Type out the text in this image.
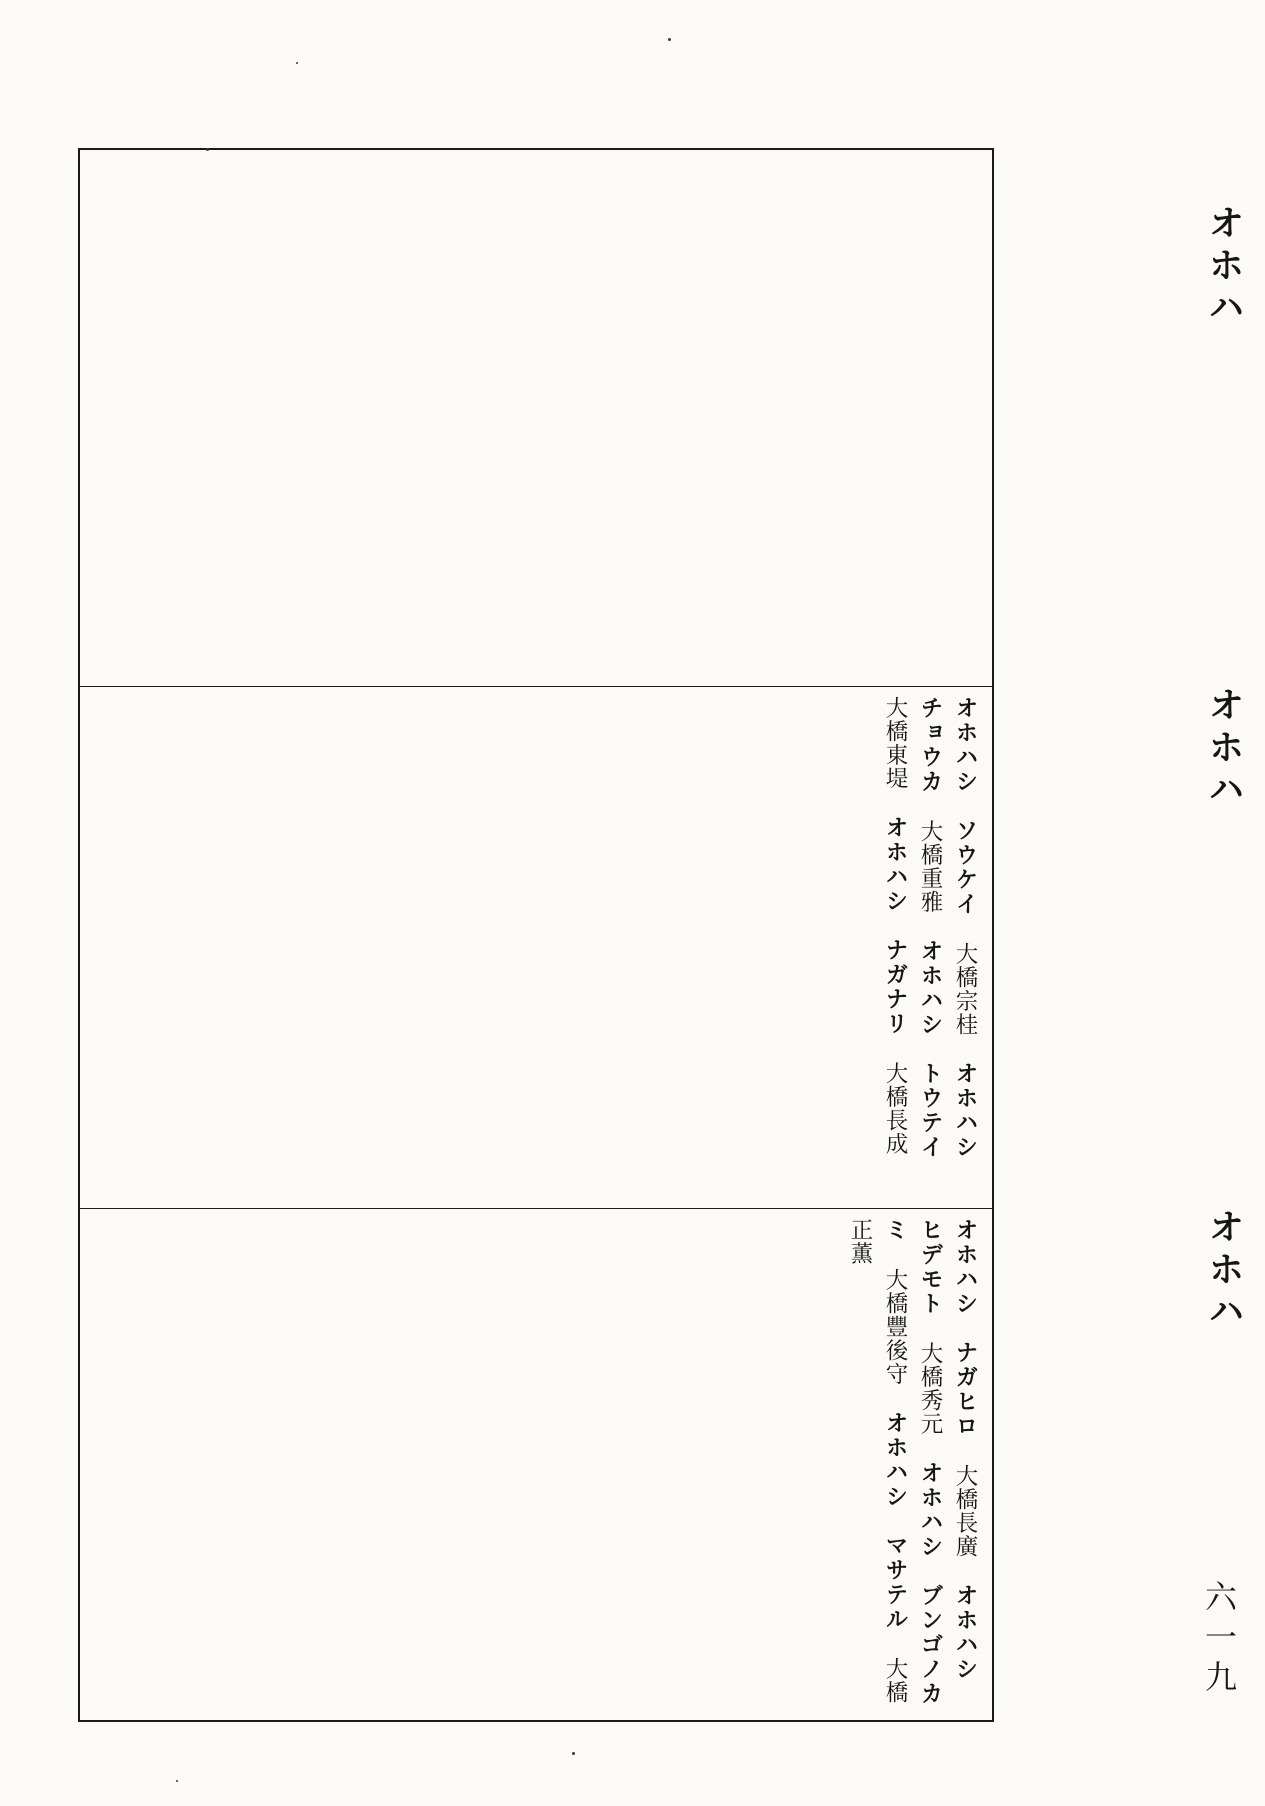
オホハ
オホハ
オホハ
六一九
オホハシ　ソウケイ 大橋宗桂 オホハシ　チョウカ 大橋重雅 オホハシ　トウテイ 大橋東堤 オホハシ　ナガナリ 大橋長成
オホハシ　ナガヒロ 大橋長廣 オホハシ　ヒデモト 大橋秀元 オホハシ　ブンゴノカミ 大橋豐後守 オホハシ　マサテル 大橋正薫
